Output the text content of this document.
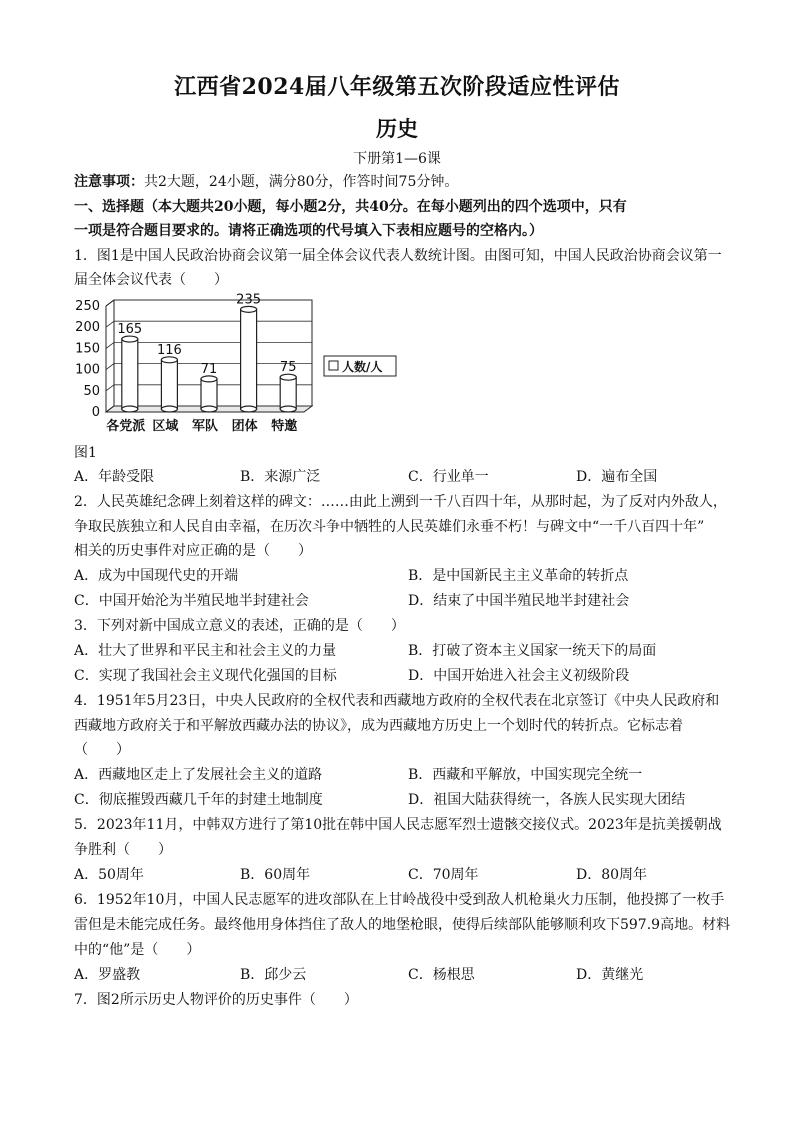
江西省2024届八年级第五次阶段适应性评估
历史
下册第1—6课
注意事项：共2大题，24小题，满分80分，作答时间75分钟。
一、选择题（本大题共20小题，每小题2分，共40分。在每小题列出的四个选项中，只有
一项是符合题目要求的。请将正确选项的代号填入下表相应题号的空格内。）
1．图1是中国人民政治协商会议第一届全体会议代表人数统计图。由图可知，中国人民政治协商会议第一
届全体会议代表（　　）
0
50
100
150
200
250
165
各党派
116
区域
71
军队
235
团体
75
特邀
人数/人
图1
A．年龄受限	B．来源广泛	C．行业单一	D．遍布全国
2．人民英雄纪念碑上刻着这样的碑文：……由此上溯到一千八百四十年，从那时起，为了反对内外敌人，
争取民族独立和人民自由幸福，在历次斗争中牺牲的人民英雄们永垂不朽！与碑文中“一千八百四十年”
相关的历史事件对应正确的是（　　）
A．成为中国现代史的开端	B．是中国新民主主义革命的转折点
C．中国开始沦为半殖民地半封建社会	D．结束了中国半殖民地半封建社会
3．下列对新中国成立意义的表述，正确的是（　　）
A．壮大了世界和平民主和社会主义的力量	B．打破了资本主义国家一统天下的局面
C．实现了我国社会主义现代化强国的目标	D．中国开始进入社会主义初级阶段
4．1951年5月23日，中央人民政府的全权代表和西藏地方政府的全权代表在北京签订《中央人民政府和
西藏地方政府关于和平解放西藏办法的协议》，成为西藏地方历史上一个划时代的转折点。它标志着
（　　）
A．西藏地区走上了发展社会主义的道路	B．西藏和平解放，中国实现完全统一
C．彻底摧毁西藏几千年的封建土地制度	D．祖国大陆获得统一，各族人民实现大团结
5．2023年11月，中韩双方进行了第10批在韩中国人民志愿军烈士遗骸交接仪式。2023年是抗美援朝战
争胜利（　　）
A．50周年	B．60周年	C．70周年	D．80周年
6．1952年10月，中国人民志愿军的进攻部队在上甘岭战役中受到敌人机枪巢火力压制，他投掷了一枚手
雷但是未能完成任务。最终他用身体挡住了敌人的地堡枪眼，使得后续部队能够顺利攻下597.9高地。材料
中的“他”是（　　）
A．罗盛教	B．邱少云	C．杨根思	D．黄继光
7．图2所示历史人物评价的历史事件（　　）
